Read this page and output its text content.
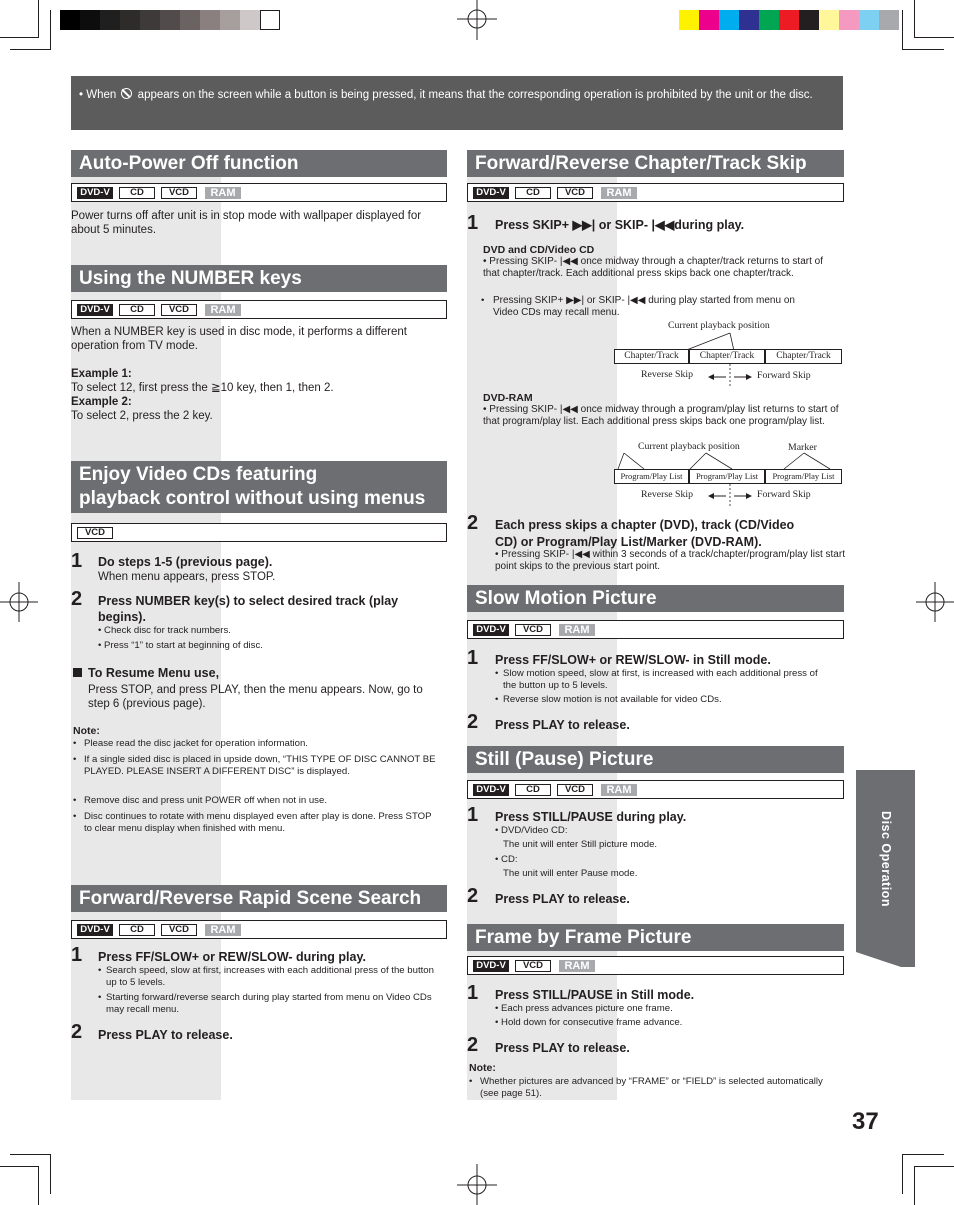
• When appears on the screen while a button is being pressed, it means that the corresponding operation is prohibited by the unit or the disc.
Auto-Power Off function
DVD-V	CD	VCD	RAM
Power turns off after unit is in stop mode with wallpaper displayed for about 5 minutes.
Using the NUMBER keys
DVD-V	CD	VCD	RAM
When a NUMBER key is used in disc mode, it performs a different operation from TV mode.
Example 1:
To select 12, first press the ≧10 key, then 1, then 2.
Example 2:
To select 2, press the 2 key.
Enjoy Video CDs featuring
playback control without using menus
VCD
1 Do steps 1-5 (previous page).
When menu appears, press STOP.
2 Press NUMBER key(s) to select desired track (play
begins).
• Check disc for track numbers.
• Press “1” to start at beginning of disc.
To Resume Menu use,
Press STOP, and press PLAY, then the menu appears. Now, go to step 6 (previous page).
Note:
• Please read the disc jacket for operation information.
• If a single sided disc is placed in upside down, “THIS TYPE OF DISC CANNOT BE PLAYED. PLEASE INSERT A DIFFERENT DISC” is displayed.
• Remove disc and press unit POWER off when not in use.
• Disc continues to rotate with menu displayed even after play is done. Press STOP to clear menu display when finished with menu.
Forward/Reverse Rapid Scene Search
DVD-V	CD	VCD	RAM
1 Press FF/SLOW+ or REW/SLOW- during play.
• Search speed, slow at first, increases with each additional press of the button up to 5 levels.
• Starting forward/reverse search during play started from menu on Video CDs may recall menu.
2 Press PLAY to release.
Forward/Reverse Chapter/Track Skip
DVD-V	CD	VCD	RAM
1 Press SKIP+ ▶▶| or SKIP- |◀◀during play.
DVD and CD/Video CD
• Pressing SKIP- |◀◀ once midway through a chapter/track returns to start of that chapter/track. Each additional press skips back one chapter/track.
• Pressing SKIP+ ▶▶| or SKIP- |◀◀ during play started from menu on Video CDs may recall menu.
Current playback position
Chapter/Track	Chapter/Track	Chapter/Track
Reverse Skip	Forward Skip
DVD-RAM
• Pressing SKIP- |◀◀ once midway through a program/play list returns to start of that program/play list. Each additional press skips back one program/play list.
Current playback position	Marker
Program/Play List	Program/Play List	Program/Play List
Reverse Skip	Forward Skip
2 Each press skips a chapter (DVD), track (CD/Video
CD) or Program/Play List/Marker (DVD-RAM).
• Pressing SKIP- |◀◀ within 3 seconds of a track/chapter/program/play list start point skips to the previous start point.
Slow Motion Picture
DVD-V	VCD	RAM
1 Press FF/SLOW+ or REW/SLOW- in Still mode.
• Slow motion speed, slow at first, is increased with each additional press of the button up to 5 levels.
• Reverse slow motion is not available for video CDs.
2 Press PLAY to release.
Still (Pause) Picture
DVD-V	CD	VCD	RAM
1 Press STILL/PAUSE during play.
• DVD/Video CD:
The unit will enter Still picture mode.
• CD:
The unit will enter Pause mode.
2 Press PLAY to release.
Frame by Frame Picture
DVD-V	VCD	RAM
1 Press STILL/PAUSE in Still mode.
• Each press advances picture one frame.
• Hold down for consecutive frame advance.
2 Press PLAY to release.
Note:
• Whether pictures are advanced by “FRAME” or “FIELD” is selected automatically (see page 51).
Disc Operation
37
